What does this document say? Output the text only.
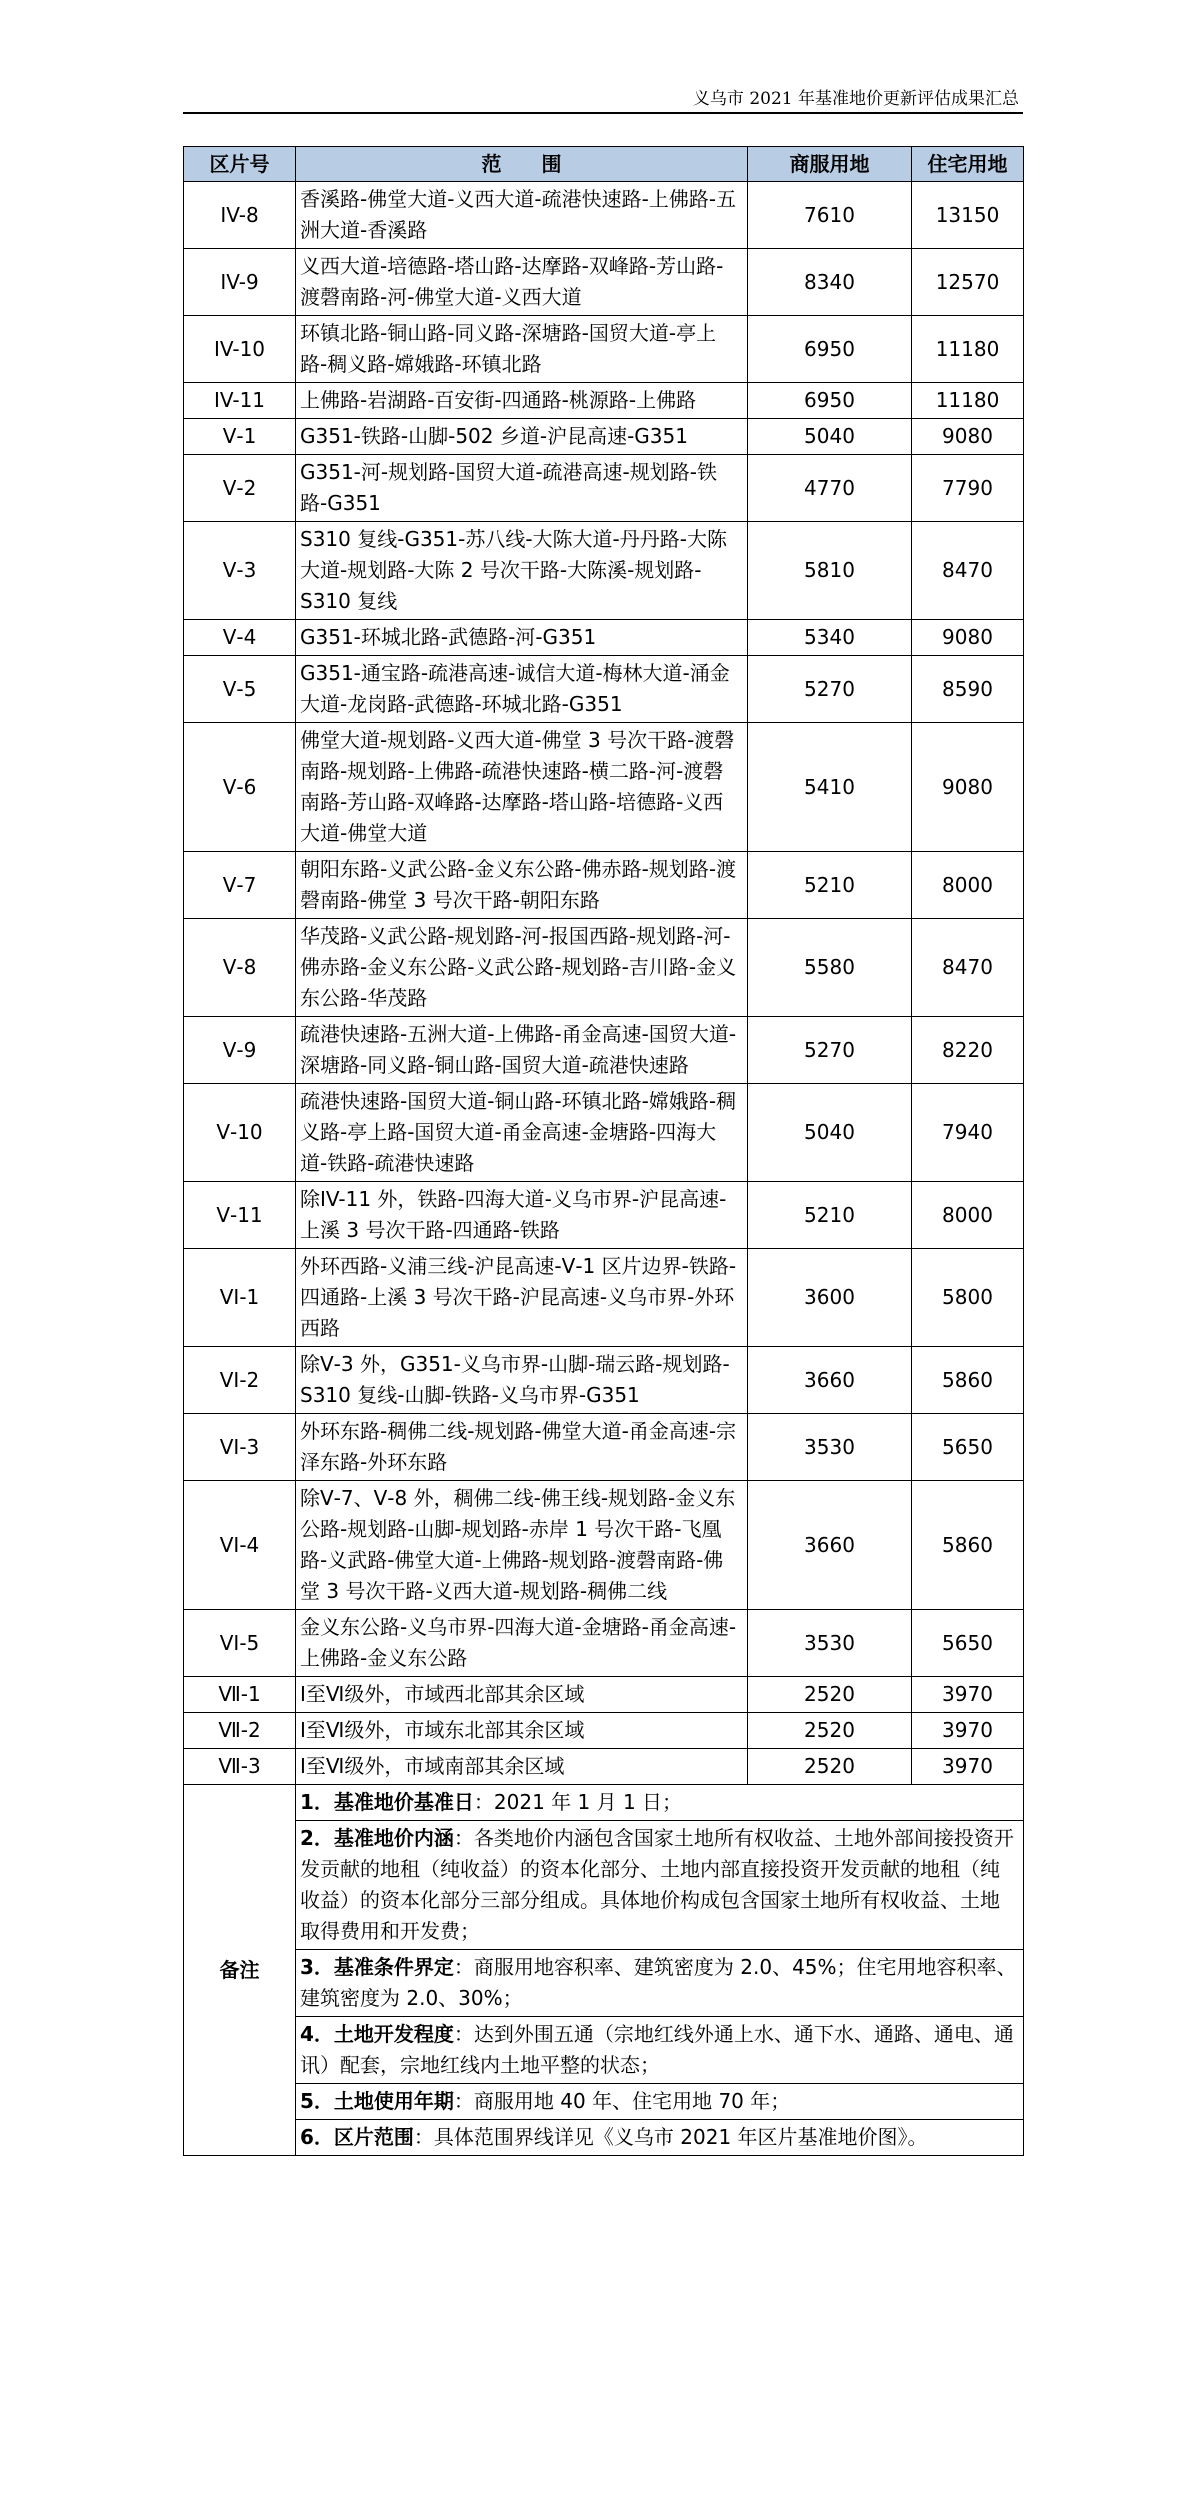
义乌市 2021 年基准地价更新评估成果汇总
区片号	范　　围	商服用地	住宅用地
IV-8	香溪路-佛堂大道-义西大道-疏港快速路-上佛路-五洲大道-香溪路	7610	13150
IV-9	义西大道-培德路-塔山路-达摩路-双峰路-芳山路-渡磬南路-河-佛堂大道-义西大道	8340	12570
IV-10	环镇北路-铜山路-同义路-深塘路-国贸大道-亭上路-稠义路-嫦娥路-环镇北路	6950	11180
IV-11	上佛路-岩湖路-百安街-四通路-桃源路-上佛路	6950	11180
Ⅴ-1	G351-铁路-山脚-502 乡道-沪昆高速-G351	5040	9080
Ⅴ-2	G351-河-规划路-国贸大道-疏港高速-规划路-铁路-G351	4770	7790
Ⅴ-3	S310 复线-G351-苏八线-大陈大道-丹丹路-大陈大道-规划路-大陈 2 号次干路-大陈溪-规划路-S310 复线	5810	8470
Ⅴ-4	G351-环城北路-武德路-河-G351	5340	9080
Ⅴ-5	G351-通宝路-疏港高速-诚信大道-梅林大道-涌金大道-龙岗路-武德路-环城北路-G351	5270	8590
Ⅴ-6	佛堂大道-规划路-义西大道-佛堂 3 号次干路-渡磬南路-规划路-上佛路-疏港快速路-横二路-河-渡磬南路-芳山路-双峰路-达摩路-塔山路-培德路-义西大道-佛堂大道	5410	9080
Ⅴ-7	朝阳东路-义武公路-金义东公路-佛赤路-规划路-渡磬南路-佛堂 3 号次干路-朝阳东路	5210	8000
Ⅴ-8	华茂路-义武公路-规划路-河-报国西路-规划路-河-佛赤路-金义东公路-义武公路-规划路-吉川路-金义东公路-华茂路	5580	8470
Ⅴ-9	疏港快速路-五洲大道-上佛路-甬金高速-国贸大道-深塘路-同义路-铜山路-国贸大道-疏港快速路	5270	8220
Ⅴ-10	疏港快速路-国贸大道-铜山路-环镇北路-嫦娥路-稠义路-亭上路-国贸大道-甬金高速-金塘路-四海大道-铁路-疏港快速路	5040	7940
Ⅴ-11	除IV-11 外，铁路-四海大道-义乌市界-沪昆高速-上溪 3 号次干路-四通路-铁路	5210	8000
VI-1	外环西路-义浦三线-沪昆高速-Ⅴ-1 区片边界-铁路-四通路-上溪 3 号次干路-沪昆高速-义乌市界-外环西路	3600	5800
VI-2	除Ⅴ-3 外，G351-义乌市界-山脚-瑞云路-规划路-S310 复线-山脚-铁路-义乌市界-G351	3660	5860
VI-3	外环东路-稠佛二线-规划路-佛堂大道-甬金高速-宗泽东路-外环东路	3530	5650
VI-4	除Ⅴ-7、Ⅴ-8 外，稠佛二线-佛王线-规划路-金义东公路-规划路-山脚-规划路-赤岸 1 号次干路-飞凰路-义武路-佛堂大道-上佛路-规划路-渡磬南路-佛堂 3 号次干路-义西大道-规划路-稠佛二线	3660	5860
VI-5	金义东公路-义乌市界-四海大道-金塘路-甬金高速-上佛路-金义东公路	3530	5650
Ⅶ-1	Ⅰ至Ⅵ级外，市域西北部其余区域	2520	3970
Ⅶ-2	Ⅰ至Ⅵ级外，市域东北部其余区域	2520	3970
Ⅶ-3	Ⅰ至Ⅵ级外，市域南部其余区域	2520	3970
备注	1．基准地价基准日：2021 年 1 月 1 日；		
	2．基准地价内涵：各类地价内涵包含国家土地所有权收益、土地外部间接投资开发贡献的地租（纯收益）的资本化部分、土地内部直接投资开发贡献的地租（纯收益）的资本化部分三部分组成。具体地价构成包含国家土地所有权收益、土地取得费用和开发费；		
	3．基准条件界定：商服用地容积率、建筑密度为 2.0、45%；住宅用地容积率、建筑密度为 2.0、30%；		
	4．土地开发程度：达到外围五通（宗地红线外通上水、通下水、通路、通电、通讯）配套，宗地红线内土地平整的状态；		
	5．土地使用年期：商服用地 40 年、住宅用地 70 年；		
	6．区片范围：具体范围界线详见《义乌市 2021 年区片基准地价图》。		
